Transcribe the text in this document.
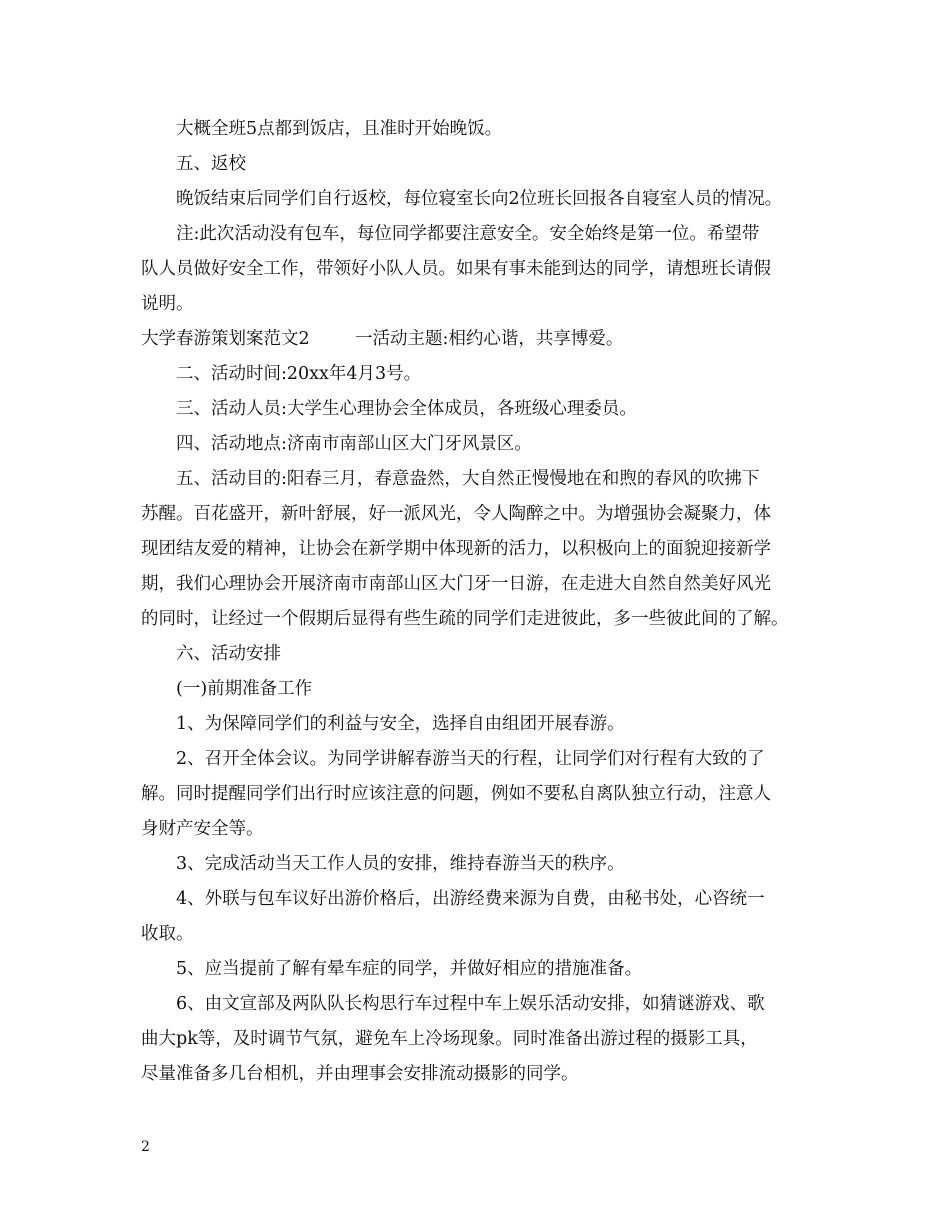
大概全班5点都到饭店，且准时开始晚饭。
五、返校
晚饭结束后同学们自行返校，每位寝室长向2位班长回报各自寝室人员的情况。
注:此次活动没有包车，每位同学都要注意安全。安全始终是第一位。希望带
队人员做好安全工作，带领好小队人员。如果有事未能到达的同学，请想班长请假
说明。
大学春游策划案范文2	一活动主题:相约心谐，共享博爱。
二、活动时间:20xx年4月3号。
三、活动人员:大学生心理协会全体成员，各班级心理委员。
四、活动地点:济南市南部山区大门牙风景区。
五、活动目的:阳春三月，春意盎然，大自然正慢慢地在和煦的春风的吹拂下
苏醒。百花盛开，新叶舒展，好一派风光，令人陶醉之中。为增强协会凝聚力，体
现团结友爱的精神，让协会在新学期中体现新的活力，以积极向上的面貌迎接新学
期，我们心理协会开展济南市南部山区大门牙一日游，在走进大自然自然美好风光
的同时，让经过一个假期后显得有些生疏的同学们走进彼此，多一些彼此间的了解。
六、活动安排
(一)前期准备工作
1、为保障同学们的利益与安全，选择自由组团开展春游。
2、召开全体会议。为同学讲解春游当天的行程，让同学们对行程有大致的了
解。同时提醒同学们出行时应该注意的问题，例如不要私自离队独立行动，注意人
身财产安全等。
3、完成活动当天工作人员的安排，维持春游当天的秩序。
4、外联与包车议好出游价格后，出游经费来源为自费，由秘书处，心咨统一
收取。
5、应当提前了解有晕车症的同学，并做好相应的措施准备。
6、由文宣部及两队队长构思行车过程中车上娱乐活动安排，如猜谜游戏、歌
曲大pk等，及时调节气氛，避免车上冷场现象。同时准备出游过程的摄影工具，
尽量准备多几台相机，并由理事会安排流动摄影的同学。
2
